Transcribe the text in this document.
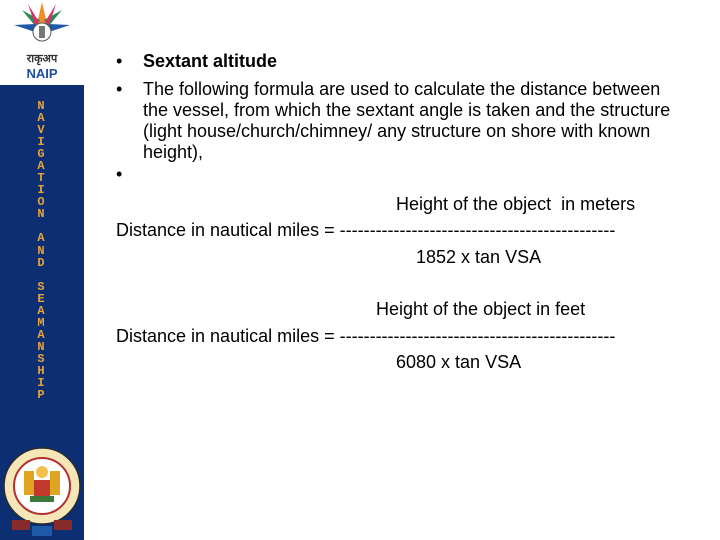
राकृअप
NAIP
N
A
V
I
G
A
T
I
O
N
A
N
D
S
E
A
M
A
N
S
H
I
P
• Sextant altitude
• The following formula are used to calculate the distance between the vessel, from which the sextant angle is taken and the structure (light house/church/chimney/ any structure on shore with known height),
•
Height of the object  in meters
Distance in nautical miles = ----------------------------------------------
1852 x tan VSA
Height of the object in feet
Distance in nautical miles = ----------------------------------------------
6080 x tan VSA
